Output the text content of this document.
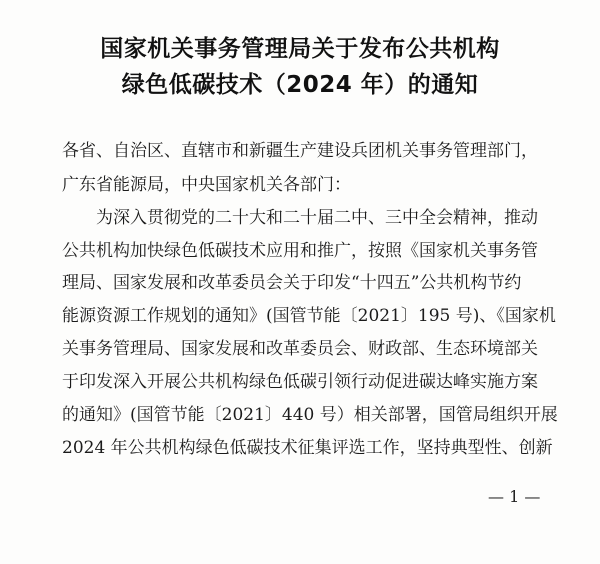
国家机关事务管理局关于发布公共机构
绿色低碳技术（2024 年）的通知
各省、自治区、直辖市和新疆生产建设兵团机关事务管理部门，
广东省能源局，中央国家机关各部门：
　　为深入贯彻党的二十大和二十届二中、三中全会精神，推动
公共机构加快绿色低碳技术应用和推广，按照《国家机关事务管
理局、国家发展和改革委员会关于印发“十四五”公共机构节约
能源资源工作规划的通知》(国管节能〔2021〕195 号)、《国家机
关事务管理局、国家发展和改革委员会、财政部、生态环境部关
于印发深入开展公共机构绿色低碳引领行动促进碳达峰实施方案
的通知》(国管节能〔2021〕440 号）相关部署，国管局组织开展
2024 年公共机构绿色低碳技术征集评选工作，坚持典型性、创新
— 1 —
